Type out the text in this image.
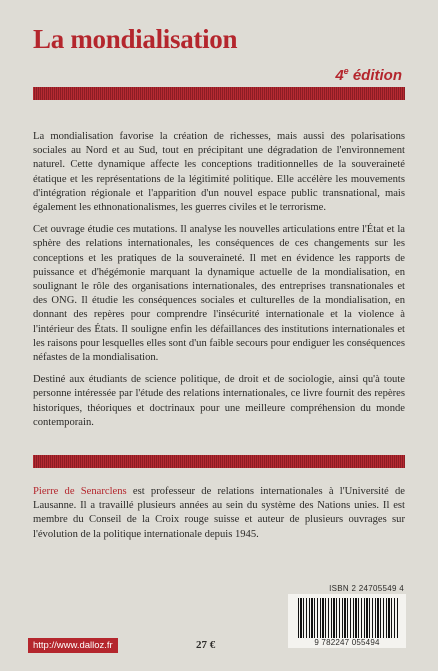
La mondialisation
4e édition

La mondialisation favorise la création de richesses, mais aussi des polarisations sociales au Nord et au Sud, tout en précipitant une dégradation de l'environnement naturel. Cette dynamique affecte les conceptions traditionnelles de la souveraineté étatique et les représentations de la légitimité politique. Elle accélère les mouvements d'intégration régionale et l'apparition d'un nouvel espace public transnational, mais également les ethnonationalismes, les guerres civiles et le terrorisme.

Cet ouvrage étudie ces mutations. Il analyse les nouvelles articulations entre l'État et la sphère des relations internationales, les conséquences de ces changements sur les conceptions et les pratiques de la souveraineté. Il met en évidence les rapports de puissance et d'hégémonie marquant la dynamique actuelle de la mondialisation, en soulignant le rôle des organisations internationales, des entreprises transnationales et des ONG. Il étudie les conséquences sociales et culturelles de la mondialisation, en donnant des repères pour comprendre l'insécurité internationale et la violence à l'intérieur des États. Il souligne enfin les défaillances des institutions internationales et les raisons pour lesquelles elles sont d'un faible secours pour endiguer les conséquences néfastes de la mondialisation.

Destiné aux étudiants de science politique, de droit et de sociologie, ainsi qu'à toute personne intéressée par l'étude des relations internationales, ce livre fournit des repères historiques, théoriques et doctrinaux pour une meilleure compréhension du monde contemporain.

Pierre de Senarclens est professeur de relations internationales à l'Université de Lausanne. Il a travaillé plusieurs années au sein du système des Nations unies. Il est membre du Conseil de la Croix rouge suisse et auteur de plusieurs ouvrages sur l'évolution de la politique internationale depuis 1945.

ISBN 2 24705549 4
9 782247 055494
http://www.dalloz.fr	27 €
